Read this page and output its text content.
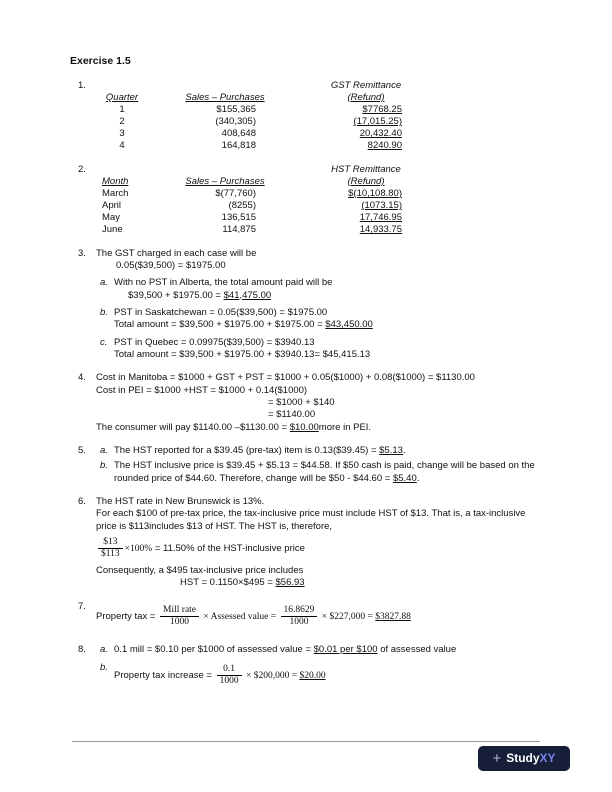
Exercise 1.5
1.	GST Remittance
Quarter	Sales – Purchases	(Refund)
1	$155,365	$7768.25
2	(340,305)	(17,015.25)
3	408,648	20,432.40
4	164,818	8240.90
2.	HST Remittance
Month	Sales – Purchases	(Refund)
March	$(77,760)	$(10,108.80)
April	(8255)	(1073.15)
May	136,515	17,746.95
June	114,875	14,933.75
3.	The GST charged in each case will be
0.05($39,500) = $1975.00
a. With no PST in Alberta, the total amount paid will be
$39,500 + $1975.00 = $41,475.00
b. PST in Saskatchewan = 0.05($39,500) = $1975.00
Total amount = $39,500 + $1975.00 + $1975.00 = $43,450.00
c. PST in Quebec = 0.09975($39,500) = $3940.13
Total amount = $39,500 + $1975.00 + $3940.13= $45,415.13
4.	Cost in Manitoba = $1000 + GST + PST = $1000 + 0.05($1000) + 0.08($1000) = $1130.00
Cost in PEI = $1000 +HST = $1000 + 0.14($1000)
= $1000 + $140
= $1140.00
The consumer will pay $1140.00 –$1130.00 = $10.00more in PEI.
5.	a. The HST reported for a $39.45 (pre-tax) item is 0.13($39.45) = $5.13.
b. The HST inclusive price is $39.45 + $5.13 = $44.58. If $50 cash is paid, change will be based on the rounded price of $44.60. Therefore, change will be $50 - $44.60 = $5.40.
6.	The HST rate in New Brunswick is 13%.
For each $100 of pre-tax price, the tax-inclusive price must include HST of $13. That is, a tax-inclusive price is $113includes $13 of HST. The HST is, therefore,
$\frac{\$13}{\$113} \times 100\% = 11.50\%$ of the HST-inclusive price
Consequently, a $495 tax-inclusive price includes
HST = 0.1150×$495 = $56.93
7.
Property tax = $\frac{\text{Mill rate}}{1000}$ × Assessed value = $\frac{16.8629}{1000}$ × $227,000 = $3827.88
8.	a. 0.1 mill = $0.10 per $1000 of assessed value = $0.01 per $100 of assessed value
b.
Property tax increase = $\frac{0.1}{1000}$ × $200,000 = $20.00
+ StudyXY
